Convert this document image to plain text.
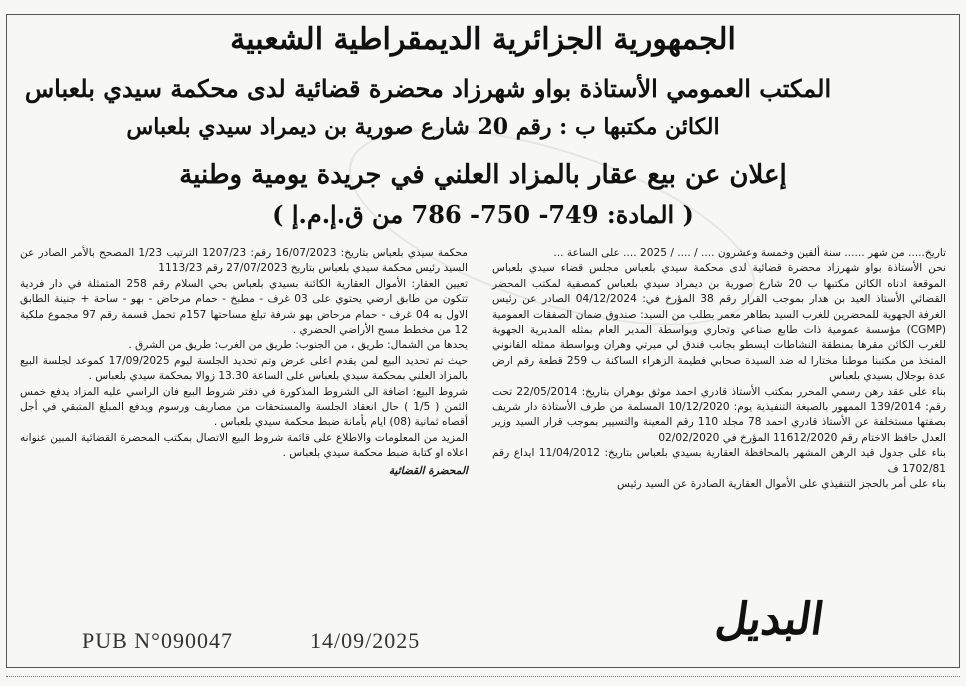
الجمهورية الجزائرية الديمقراطية الشعبية
المكتب العمومي الأستاذة بواو شهرزاد محضرة قضائية لدى محكمة سيدي بلعباس
الكائن مكتبها ب : رقم 20 شارع صورية بن ديمراد سيدي بلعباس
إعلان عن بيع عقار بالمزاد العلني في جريدة يومية وطنية
( المادة: 749- 750- 786 من ق.إ.م.إ )

تاريخ..... من شهر ...... سنة ألفين وخمسة وعشرون .... / .... / 2025 .... على الساعة ...

نحن الأستاذة بواو شهرزاد محضرة قضائية لدى محكمة سيدي بلعباس مجلس قضاء سيدي بلعباس الموقعة ادناه الكائن مكتبها ب 20 شارع صورية بن ديمراد سيدي بلعباس كمصفية لمكتب المحضر القضائي الأستاذ العيد بن هدار بموجب القرار رقم 38 المؤرخ في: 04/12/2024 الصادر عن رئيس الغرفة الجهوية للمحضرين للغرب السيد بطاهر معمر بطلب من السيد: صندوق ضمان الصفقات العمومية (CGMP) مؤسسة عمومية ذات طابع صناعي وتجاري وبواسطة المدير العام بمثله المديرية الجهوية للغرب الكائن مقرها بمنطقة النشاطات ايسطو بجانب فندق لي ميرتي وهران وبواسطة ممثله القانوني المتخذ من مكتبنا موطنا مختارا له ضد السيدة صحابي فطيمة الزهراء الساكنة ب 259 قطعة رقم ارض عدة بوجلال بسيدي بلعباس

بناء على عقد رهن رسمي المحرر بمكتب الأستاذ قادري احمد موثق بوهران بتاريخ: 22/05/2014 تحت رقم: 139/2014 الممهور بالصيغة التنفيذية يوم: 10/12/2020 المسلمة من طرف الأستاذة دار شريف بصفتها مستخلفة عن الأستاذ قادري احمد 78 مجلد 110 رقم المعينة والتسيير بموجب قرار السيد وزير العدل حافظ الاختام رقم 11612/2020 المؤرخ في 02/02/2020

بناء على جدول قيد الرهن المشهر بالمحافظة العقارية بسيدي بلعباس بتاريخ: 11/04/2012 ايداع رقم 1702/81 ف

بناء على أمر بالحجز التنفيذي على الأموال العقارية الصادرة عن السيد رئيس

محكمة سيدي بلعباس بتاريخ: 16/07/2023 رقم: 1207/23 الترتيب 1/23 المصحح بالأمر الصادر عن السيد رئيس محكمة سيدي بلعباس بتاريخ 27/07/2023 رقم 1113/23

تعيين العقار: الأموال العقارية الكائنة بسيدي بلعباس بحي السلام رقم 258 المتمثلة في دار فردية تتكون من طابق ارضي يحتوي على 03 غرف - مطبخ - حمام مرحاض - بهو - ساحة + جنينة الطابق الاول به 04 غرف - حمام مرحاض بهو شرفة تبلغ مساحتها 157م تحمل قسمة رقم 97 مجموع ملكية 12 من مخطط مسح الأراضي الحضري .

يحدها من الشمال: طريق ، من الجنوب: طريق من الغرب: طريق من الشرق .

حيث تم تحديد البيع لمن يقدم اعلى عرض وتم تحديد الجلسة ليوم 17/09/2025 كموعد لجلسة البيع بالمزاد العلني بمحكمة سيدي بلعباس على الساعة 13.30 زوالا بمحكمة سيدي بلعباس .

شروط البيع: اضافة الى الشروط المذكورة في دفتر شروط البيع فان الراسي عليه المزاد يدفع خمس الثمن ( 1/5 ) حال انعقاد الجلسة والمستحقات من مصاريف ورسوم ويدفع المبلغ المتبقي في أجل أقصاه ثمانية (08) ايام بأمانة ضبط محكمة سيدي بلعباس .

المزيد من المعلومات والاطلاع على قائمة شروط البيع الاتصال بمكتب المحضرة القضائية المبين عنوانه اعلاه او كتابة ضبط محكمة سيدي بلعباس .

المحضرة القضائية

البديل
PUB N°090047	14/09/2025
